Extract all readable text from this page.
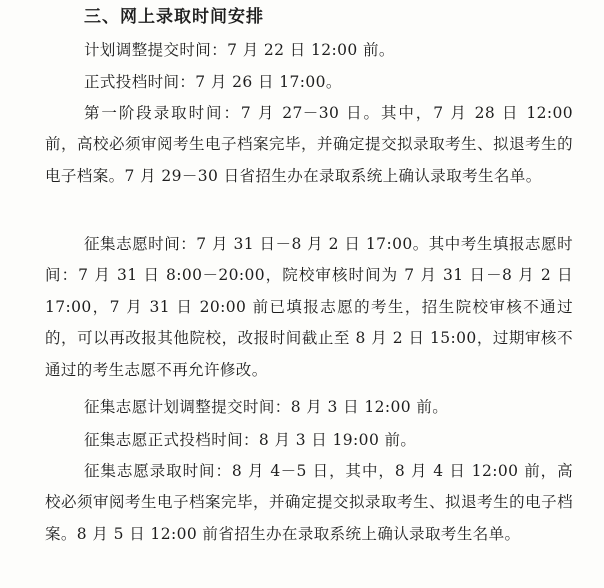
三、网上录取时间安排
计划调整提交时间：7 月 22 日 12:00 前。
正式投档时间：7 月 26 日 17:00。
第一阶段录取时间：7 月 27－30 日。其中，7 月 28 日 12:00 前，高校必须审阅考生电子档案完毕，并确定提交拟录取考生、拟退考生的电子档案。7 月 29－30 日省招生办在录取系统上确认录取考生名单。
征集志愿时间：7 月 31 日－8 月 2 日 17:00。其中考生填报志愿时间：7 月 31 日 8:00－20:00，院校审核时间为 7 月 31 日－8 月 2 日 17:00，7 月 31 日 20:00 前已填报志愿的考生，招生院校审核不通过的，可以再改报其他院校，改报时间截止至 8 月 2 日 15:00，过期审核不通过的考生志愿不再允许修改。
征集志愿计划调整提交时间：8 月 3 日 12:00 前。
征集志愿正式投档时间：8 月 3 日 19:00 前。
征集志愿录取时间：8 月 4－5 日，其中，8 月 4 日 12:00 前，高校必须审阅考生电子档案完毕，并确定提交拟录取考生、拟退考生的电子档案。8 月 5 日 12:00 前省招生办在录取系统上确认录取考生名单。
